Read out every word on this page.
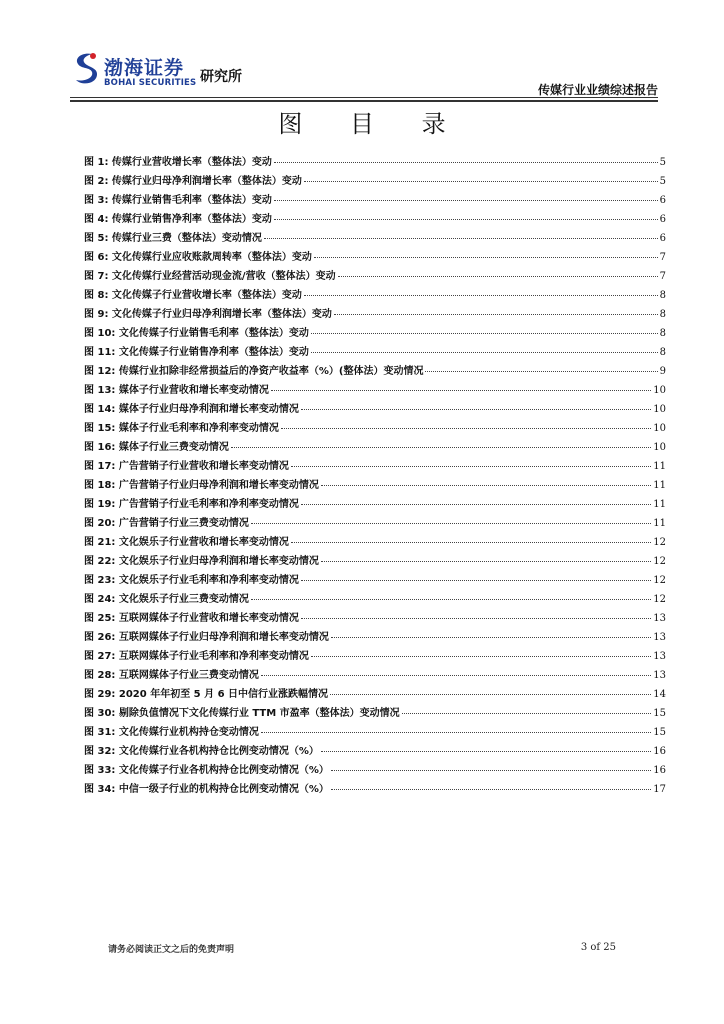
渤海证券
BOHAI SECURITIES 研究所
传媒行业业绩综述报告
图 目 录
图 1: 传媒行业营收增长率（整体法）变动	5
图 2: 传媒行业归母净利润增长率（整体法）变动	5
图 3: 传媒行业销售毛利率（整体法）变动	6
图 4: 传媒行业销售净利率（整体法）变动	6
图 5: 传媒行业三费（整体法）变动情况	6
图 6: 文化传媒行业应收账款周转率（整体法）变动	7
图 7: 文化传媒行业经营活动现金流/营收（整体法）变动	7
图 8: 文化传媒子行业营收增长率（整体法）变动	8
图 9: 文化传媒子行业归母净利润增长率（整体法）变动	8
图 10: 文化传媒子行业销售毛利率（整体法）变动	8
图 11: 文化传媒子行业销售净利率（整体法）变动	8
图 12: 传媒行业扣除非经常损益后的净资产收益率（%）(整体法）变动情况	9
图 13: 媒体子行业营收和增长率变动情况	10
图 14: 媒体子行业归母净利润和增长率变动情况	10
图 15: 媒体子行业毛利率和净利率变动情况	10
图 16: 媒体子行业三费变动情况	10
图 17: 广告营销子行业营收和增长率变动情况	11
图 18: 广告营销子行业归母净利润和增长率变动情况	11
图 19: 广告营销子行业毛利率和净利率变动情况	11
图 20: 广告营销子行业三费变动情况	11
图 21: 文化娱乐子行业营收和增长率变动情况	12
图 22: 文化娱乐子行业归母净利润和增长率变动情况	12
图 23: 文化娱乐子行业毛利率和净利率变动情况	12
图 24: 文化娱乐子行业三费变动情况	12
图 25: 互联网媒体子行业营收和增长率变动情况	13
图 26: 互联网媒体子行业归母净利润和增长率变动情况	13
图 27: 互联网媒体子行业毛利率和净利率变动情况	13
图 28: 互联网媒体子行业三费变动情况	13
图 29: 2020 年年初至 5 月 6 日中信行业涨跌幅情况	14
图 30: 剔除负值情况下文化传媒行业 TTM 市盈率（整体法）变动情况	15
图 31: 文化传媒行业机构持仓变动情况	15
图 32: 文化传媒行业各机构持仓比例变动情况（%）	16
图 33: 文化传媒子行业各机构持仓比例变动情况（%）	16
图 34: 中信一级子行业的机构持仓比例变动情况（%）	17
请务必阅读正文之后的免责声明	3 of 25
